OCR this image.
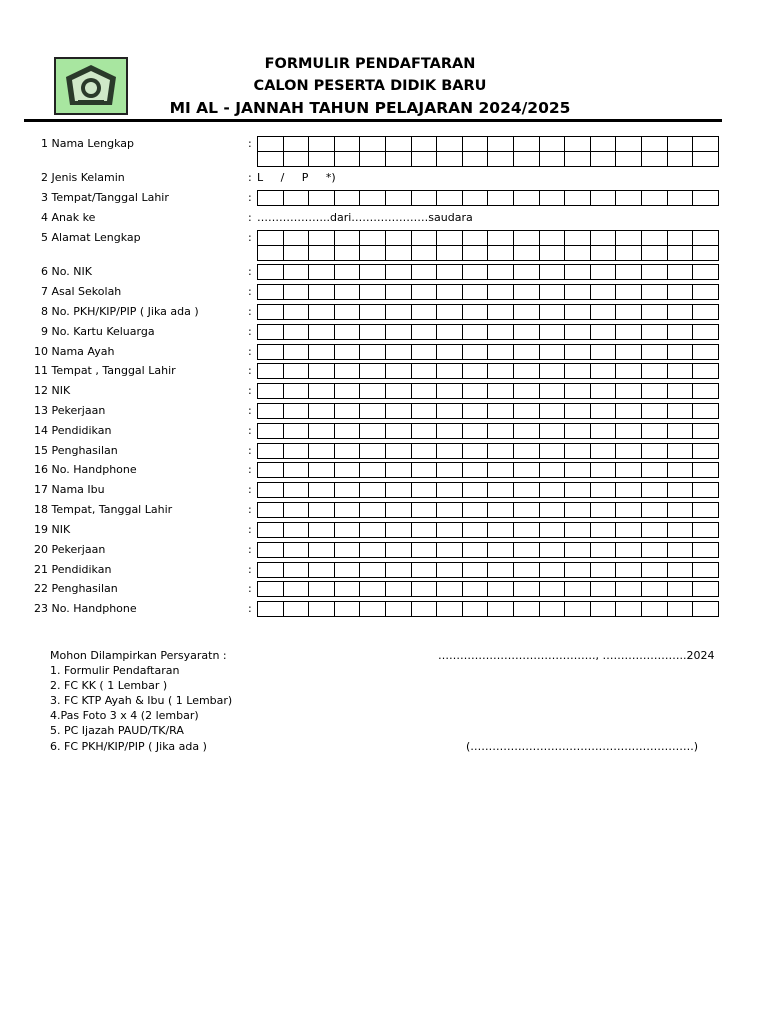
FORMULIR PENDAFTARAN
CALON PESERTA DIDIK BARU
MI AL - JANNAH TAHUN PELAJARAN 2024/2025
1 Nama Lengkap	:

2 Jenis Kelamin	: L     /     P     *)
3 Tempat/Tanggal Lahir	:

4 Anak ke	: ………………..dari…………………saudara
5 Alamat Lengkap	:

6 No. NIK	:

7 Asal Sekolah	:

8 No. PKH/KIP/PIP ( Jika ada )	:

9 No. Kartu Keluarga	:

10 Nama Ayah	:

11 Tempat , Tanggal Lahir	:

12 NIK	:

13 Pekerjaan	:

14 Pendidikan	:

15 Penghasilan	:

16 No. Handphone	:

17 Nama Ibu	:

18 Tempat, Tanggal Lahir	:

19 NIK	:

20 Pekerjaan	:

21 Pendidikan	:

22 Penghasilan	:

23 No. Handphone	:

Mohon Dilampirkan Persyaratn :
1. Formulir Pendaftaran
2. FC KK ( 1 Lembar )
3. FC KTP Ayah & Ibu ( 1 Lembar)
4.Pas Foto 3 x 4 (2 lembar)
5. PC Ijazah PAUD/TK/RA
6. FC PKH/KIP/PIP ( Jika ada )
……………………………………., …………………..2024
(…………………………………………………….)
